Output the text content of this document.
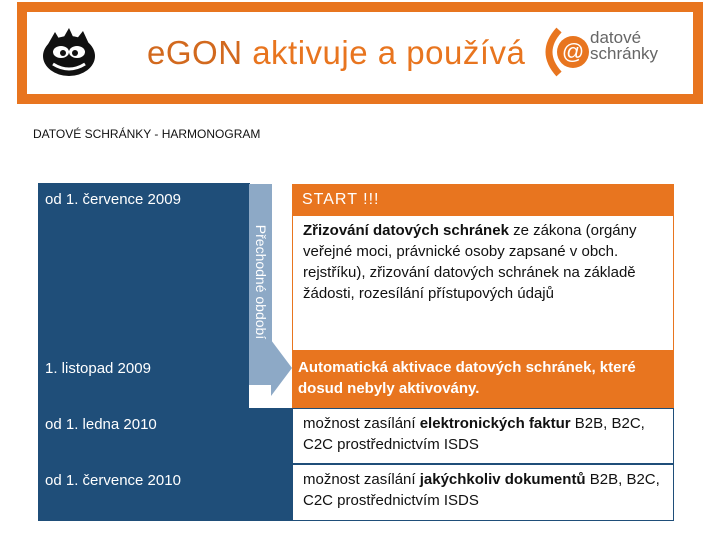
eGON aktivuje a používá @
datové
schránky
DATOVÉ SCHRÁNKY - HARMONOGRAM
od 1. července 2009
Přechodné období
1. listopad 2009
od 1. ledna 2010
od 1. července 2010
START !!!
Zřizování datových schránek ze zákona (orgány veřejné moci, právnické osoby zapsané v obch. rejstříku), zřizování datových schránek na základě žádosti, rozesílání přístupových údajů
Automatická aktivace datových schránek, které dosud nebyly aktivovány.
možnost zasílání elektronických faktur B2B, B2C, C2C prostřednictvím ISDS
možnost zasílání jakýchkoliv dokumentů B2B, B2C, C2C prostřednictvím ISDS
